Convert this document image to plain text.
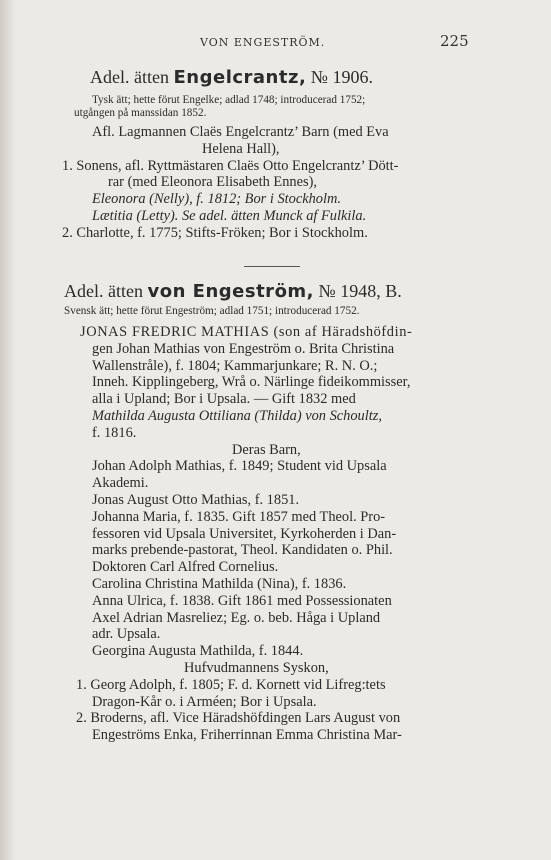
VON ENGESTRÖM.	225
Adel. ätten Engelcrantz, № 1906.
Tysk ätt; hette förut Engelke; adlad 1748; introducerad 1752;
utgången på manssidan 1852.
Afl. Lagmannen Claës Engelcrantz’ Barn (med Eva
Helena Hall),
1. Sonens, afl. Ryttmästaren Claës Otto Engelcrantz’ Dött-
rar (med Eleonora Elisabeth Ennes),
Eleonora (Nelly), f. 1812; Bor i Stockholm.
Lætitia (Letty). Se adel. ätten Munck af Fulkila.
2. Charlotte, f. 1775; Stifts-Fröken; Bor i Stockholm.
Adel. ätten von Engeström, № 1948, B.
Svensk ätt; hette förut Engeström; adlad 1751; introducerad 1752.
JONAS FREDRIC MATHIAS (son af Häradshöfdin-
gen Johan Mathias von Engeström o. Brita Christina
Wallenstråle), f. 1804; Kammarjunkare; R. N. O.;
Inneh. Kipplingeberg, Wrå o. Närlinge fideikommisser,
alla i Upland; Bor i Upsala. — Gift 1832 med
Mathilda Augusta Ottiliana (Thilda) von Schoultz,
f. 1816.
Deras Barn,
Johan Adolph Mathias, f. 1849; Student vid Upsala
Akademi.
Jonas August Otto Mathias, f. 1851.
Johanna Maria, f. 1835. Gift 1857 med Theol. Pro-
fessoren vid Upsala Universitet, Kyrkoherden i Dan-
marks prebende-pastorat, Theol. Kandidaten o. Phil.
Doktoren Carl Alfred Cornelius.
Carolina Christina Mathilda (Nina), f. 1836.
Anna Ulrica, f. 1838. Gift 1861 med Possessionaten
Axel Adrian Masreliez; Eg. o. beb. Håga i Upland
adr. Upsala.
Georgina Augusta Mathilda, f. 1844.
Hufvudmannens Syskon,
1. Georg Adolph, f. 1805; F. d. Kornett vid Lifreg:tets
Dragon-Kår o. i Arméen; Bor i Upsala.
2. Broderns, afl. Vice Häradshöfdingen Lars August von
Engeströms Enka, Friherrinnan Emma Christina Mar-
